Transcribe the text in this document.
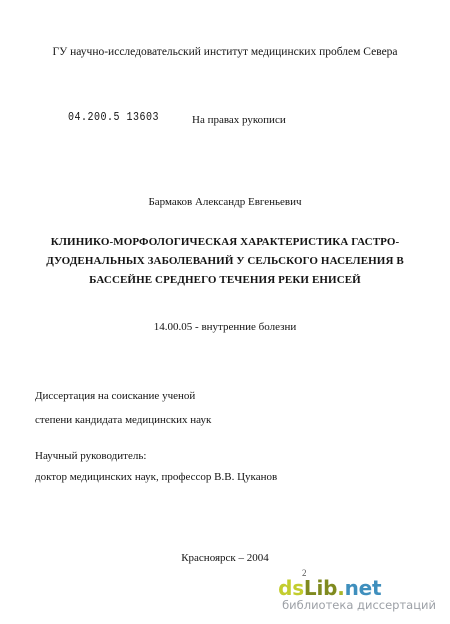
ГУ научно-исследовательский институт медицинских проблем Севера
04.200.5 13603	На правах рукописи
Бармаков Александр Евгеньевич
КЛИНИКО-МОРФОЛОГИЧЕСКАЯ ХАРАКТЕРИСТИКА ГАСТРО-
ДУОДЕНАЛЬНЫХ ЗАБОЛЕВАНИЙ У СЕЛЬСКОГО НАСЕЛЕНИЯ В
БАССЕЙНЕ СРЕДНЕГО ТЕЧЕНИЯ РЕКИ ЕНИСЕЙ
14.00.05 - внутренние болезни
Диссертация на соискание ученой
степени кандидата медицинских наук
Научный руководитель:
доктор медицинских наук, профессор В.В. Цуканов
Красноярск – 2004
2
dsLib.net
библиотека диссертаций
